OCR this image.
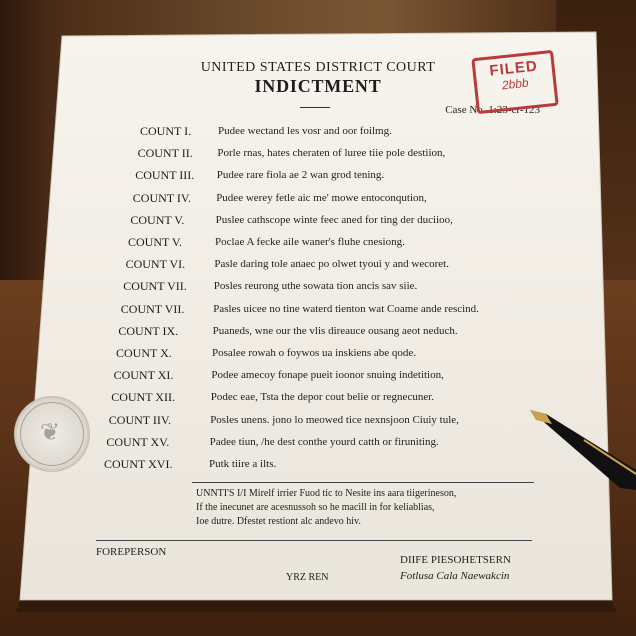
UNITED STATES DISTRICT COURT
INDICTMENT
Case No. 1:23-cr-123
FILED
2bbb
COUNT I. Pudee wectand les vosr and oor foilmg.
COUNT II. Porle rnas, hates cheraten of luree tiie pole destiion,
COUNT III. Pudee rare fiola ae 2 wan grod tening.
COUNT IV. Pudee werey fetle aic me' mowe entoconqution,
COUNT V.	Puslee cathscope winte feec aned for ting der duciioo,
COUNT V.	Poclae A fecke aile waner's fluhe cnesiong.
COUNT VI.	Pasle daring tole anaec po olwet tyoui y and wecoret.
COUNT VII. Posles reurong uthe sowata tion ancis sav siie.
COUNT VII.	Pasles uicee no tine waterd tienton wat Coame ande rescind.
COUNT IX.	Puaneds, wne our the vlis direauce ousang aeot neduch.
COUNT X.	Posalee rowah o foywos ua inskiens abe qode.
COUNT XI.	Podee amecoy fonape pueit ioonor snuing indetition,
COUNT XII.	Podec eae, Tsta the depor cout belie or regnecuner.
COUNT IIV.	Posles unens. jono lo meowed tice nexnsjoon Ciuiy tule,
COUNT XV.	Padee tiun, /he dest conthe yourd catth or firuniting.
COUNT XVI.	Putk tiire a ilts.
UNNTI'S I/I Mirelf irrier Fuod tic to Nesite ins aara tiigerineson,
If the inecunet are acesnussoh so he macill in for keliablias,
Ioe dutre. Dfestet restiont alc andevo hiv.
FOREPERSON
DIIFE PIESOHETSERN
Fotlusa Cala Naewakcin
YRZ REN
❦
